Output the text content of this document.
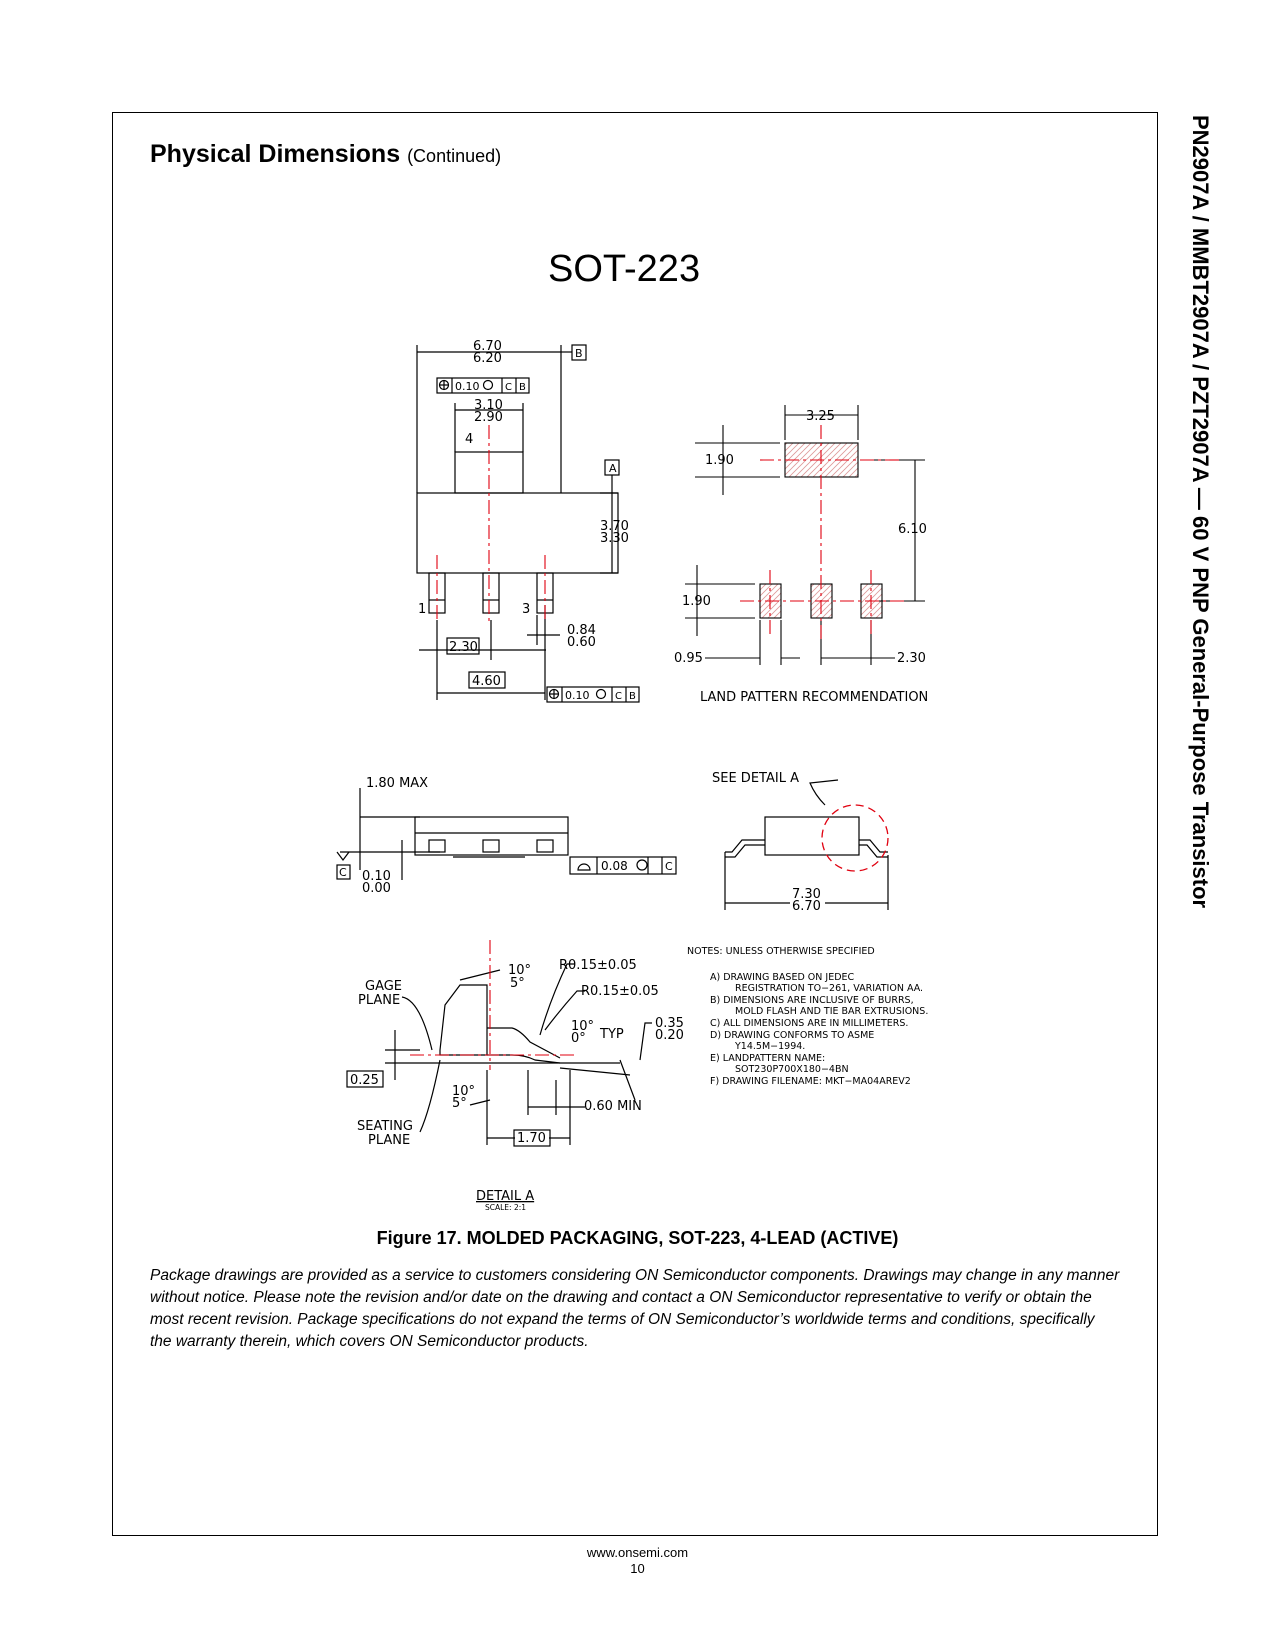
Physical Dimensions (Continued)	PN2907A / MMBT2907A / PZT2907A — 60 V PNP General-Purpose Transistor
SOT-223
6.70
6.20	B
0.10	C B
3.10
2.90
4
A
3.70
3.30
1	3
0.84
0.60
2.30
4.60
0.10	C B
3.25
1.90
6.10
1.90
0.95	2.30
LAND PATTERN RECOMMENDATION
1.80 MAX
C 0.10
0.00
0.08	C
SEE DETAIL A
7.30
6.70
GAGE
PLANE
10°
5°
R0.15±0.05
R0.15±0.05
10°
0° TYP
0.35
0.20
0.25
10°
5°	0.60 MIN
SEATING
PLANE	1.70
DETAIL A
SCALE: 2:1
NOTES: UNLESS OTHERWISE SPECIFIED
A) DRAWING BASED ON JEDEC
REGISTRATION TO−261, VARIATION AA.
B) DIMENSIONS ARE INCLUSIVE OF BURRS,
MOLD FLASH AND TIE BAR EXTRUSIONS.
C) ALL DIMENSIONS ARE IN MILLIMETERS.
D) DRAWING CONFORMS TO ASME
Y14.5M−1994.
E) LANDPATTERN NAME:
SOT230P700X180−4BN
F) DRAWING FILENAME: MKT−MA04AREV2
Figure 17. MOLDED PACKAGING, SOT-223, 4-LEAD (ACTIVE)
Package drawings are provided as a service to customers considering ON Semiconductor components. Drawings may change in any manner without notice. Please note the revision and/or date on the drawing and contact a ON Semiconductor representative to verify or obtain the most recent revision. Package specifications do not expand the terms of ON Semiconductor’s worldwide terms and conditions, specifically the warranty therein, which covers ON Semiconductor products.
www.onsemi.com
10
